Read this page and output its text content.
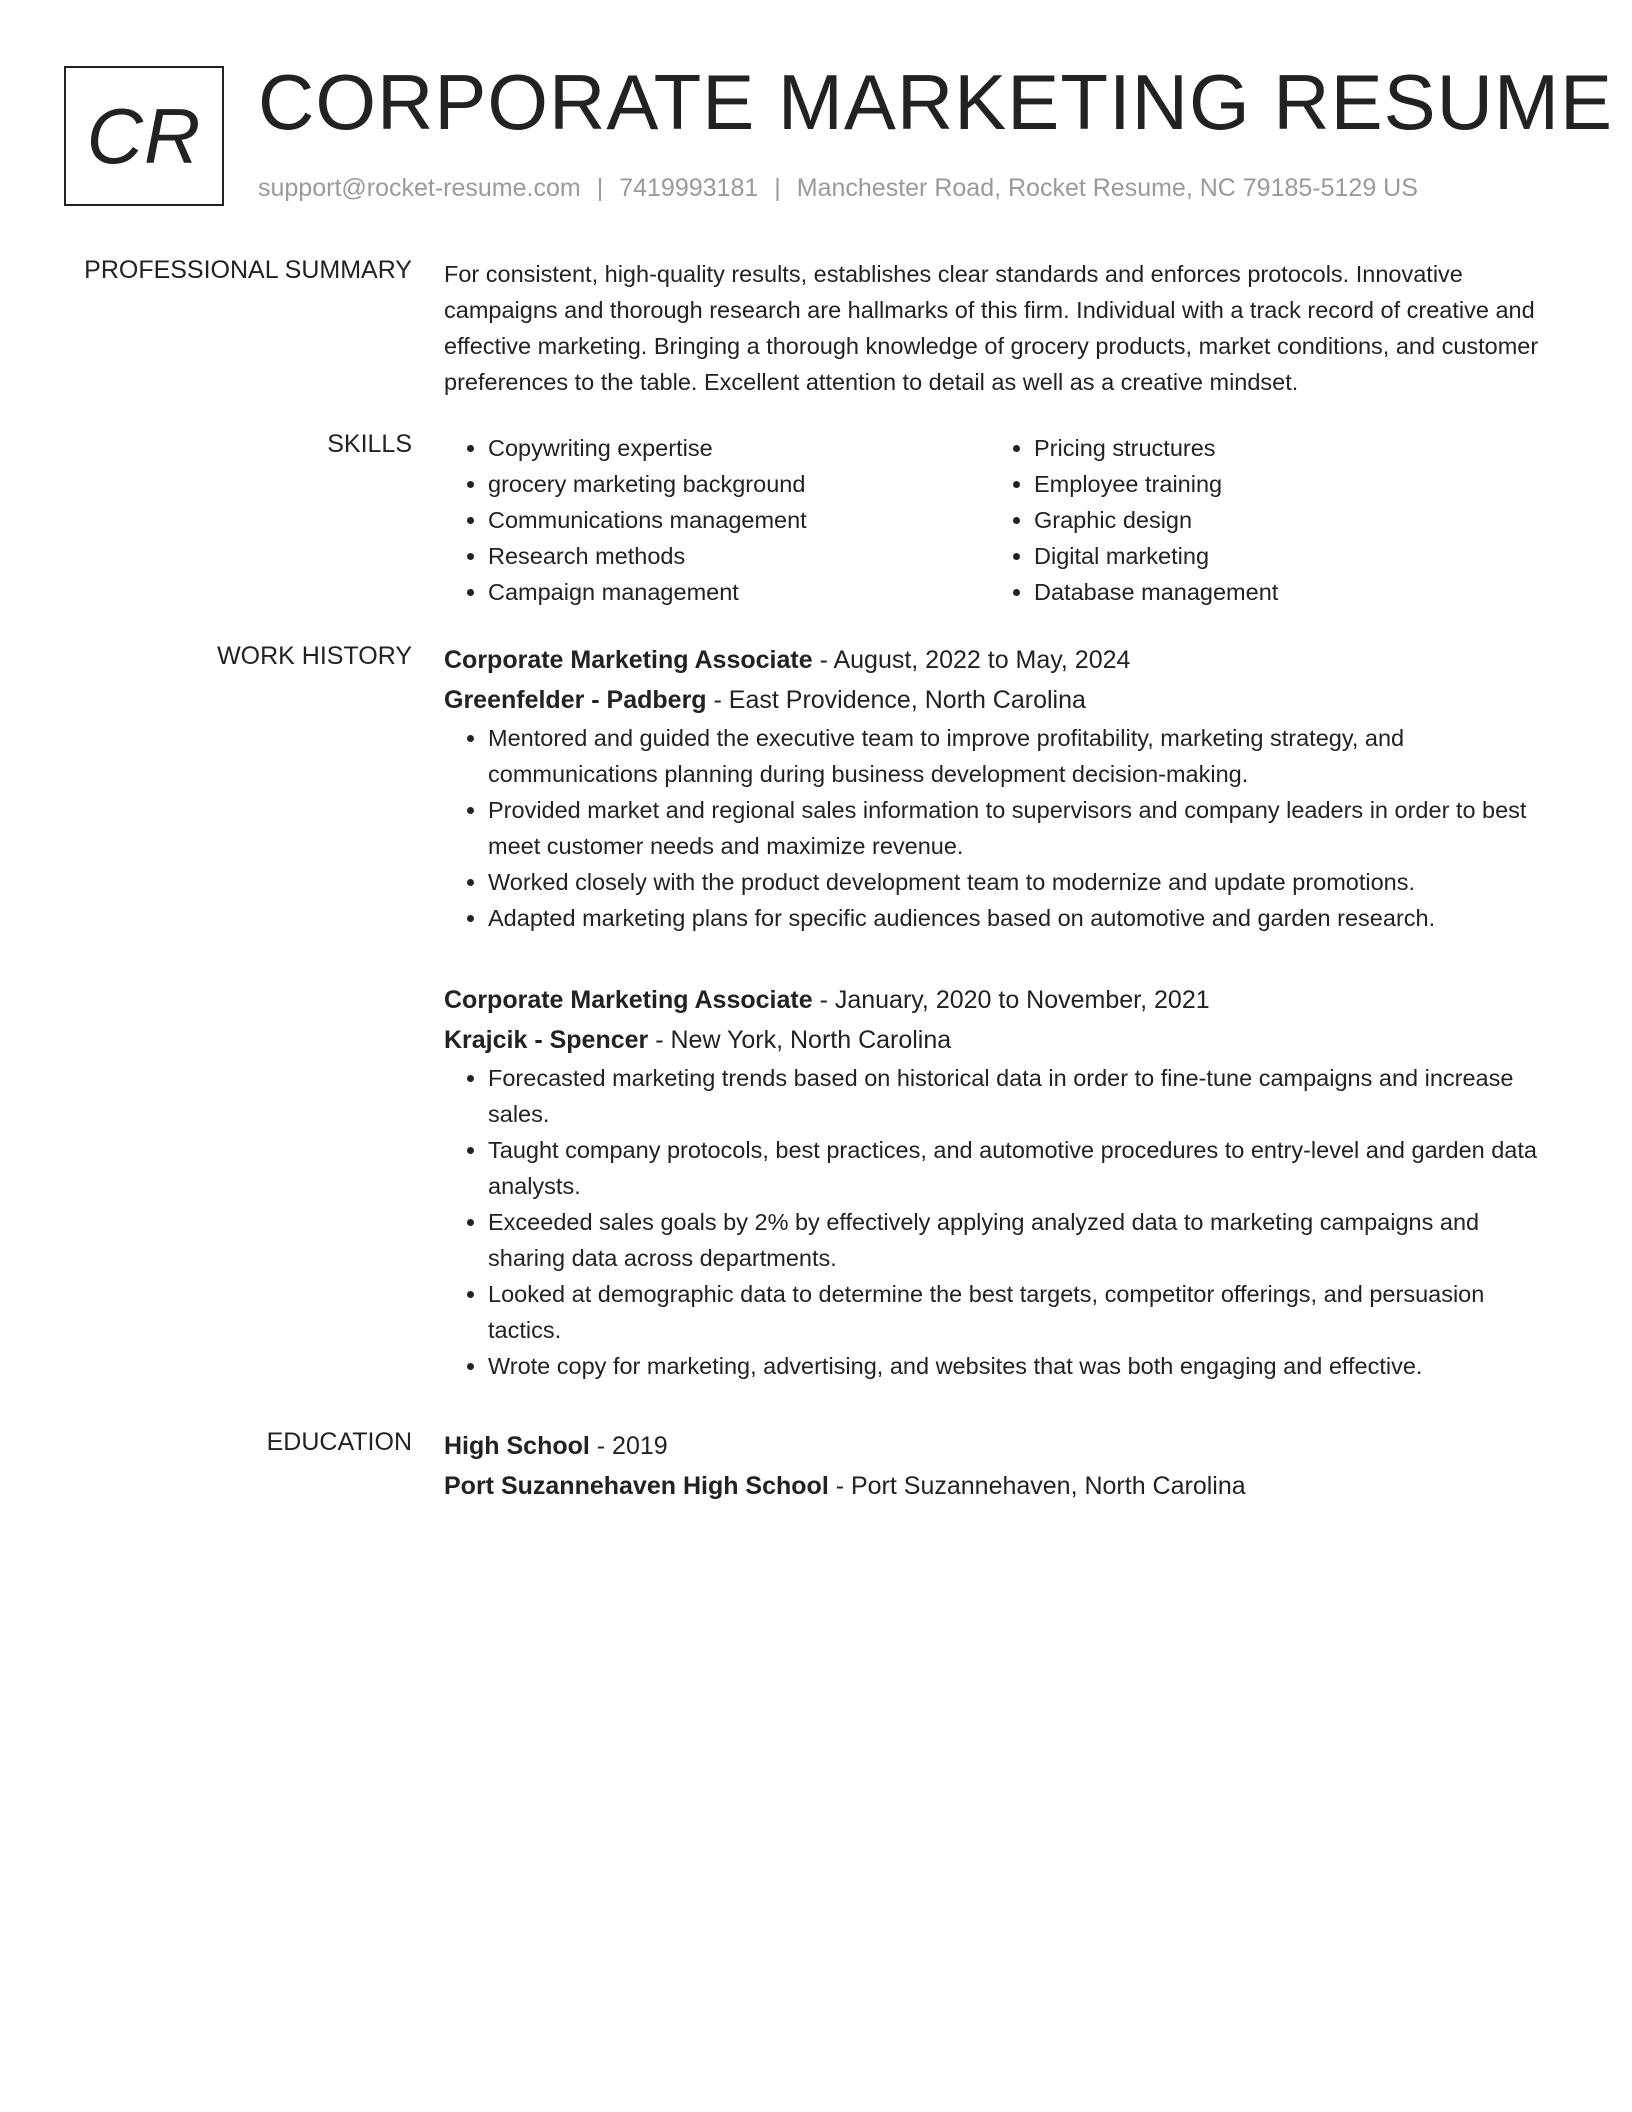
CR CORPORATE MARKETING RESUME
support@rocket-resume.com | 7419993181 | Manchester Road, Rocket Resume, NC 79185-5129 US
PROFESSIONAL SUMMARY For consistent, high-quality results, establishes clear standards and enforces protocols. Innovative campaigns and thorough research are hallmarks of this firm. Individual with a track record of creative and effective marketing. Bringing a thorough knowledge of grocery products, market conditions, and customer preferences to the table. Excellent attention to detail as well as a creative mindset.

SKILLS
•	Copywriting expertise
• grocery marketing background
• Communications management
• Research methods
• Campaign management
• Pricing structures
• Employee training
• Graphic design
• Digital marketing
• Database management
WORK HISTORY Corporate Marketing Associate - August, 2022 to May, 2024
Greenfelder - Padberg - East Providence, North Carolina
• Mentored and guided the executive team to improve profitability, marketing strategy, and communications planning during business development decision-making.
• Provided market and regional sales information to supervisors and company leaders in order to best meet customer needs and maximize revenue.
• Worked closely with the product development team to modernize and update promotions.
• Adapted marketing plans for specific audiences based on automotive and garden research.
Corporate Marketing Associate - January, 2020 to November, 2021
Krajcik - Spencer - New York, North Carolina
• Forecasted marketing trends based on historical data in order to fine-tune campaigns and increase sales.
• Taught company protocols, best practices, and automotive procedures to entry-level and garden data analysts.
• Exceeded sales goals by 2% by effectively applying analyzed data to marketing campaigns and sharing data across departments.
• Looked at demographic data to determine the best targets, competitor offerings, and persuasion tactics.
• Wrote copy for marketing, advertising, and websites that was both engaging and effective.
EDUCATION High School - 2019
Port Suzannehaven High School - Port Suzannehaven, North Carolina
